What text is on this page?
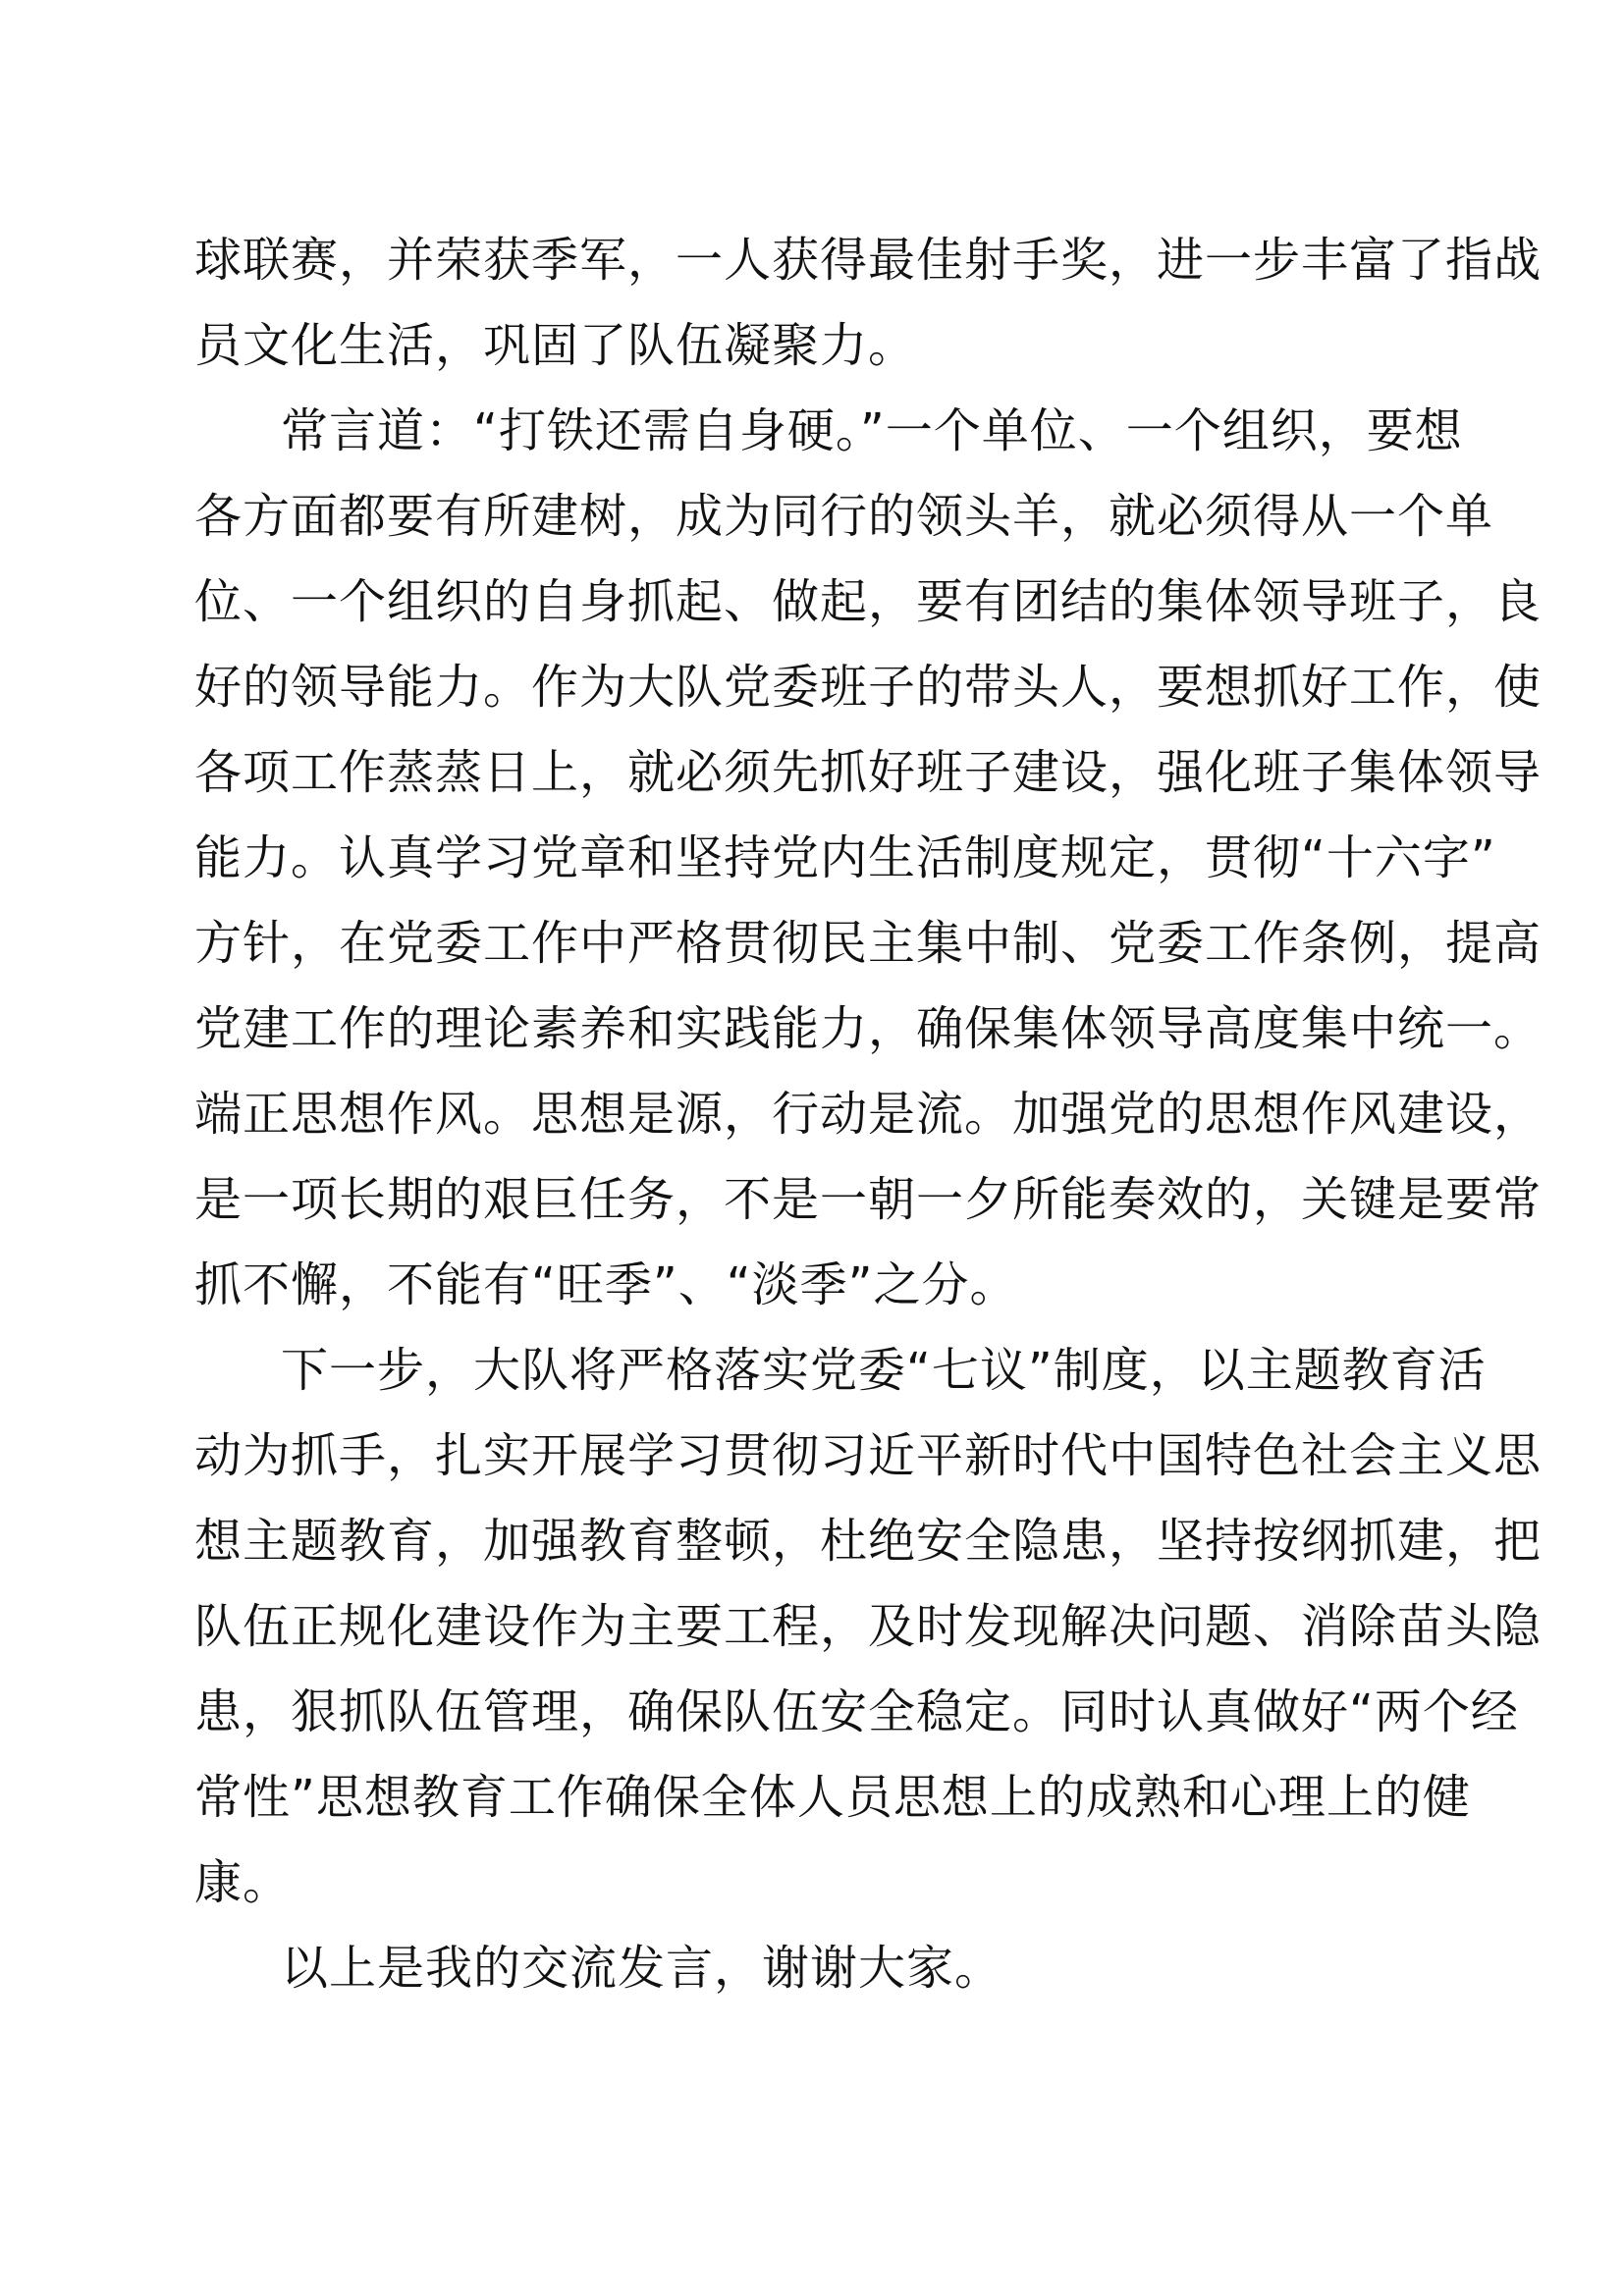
球联赛，并荣获季军，一人获得最佳射手奖，进一步丰富了指战
员文化生活，巩固了队伍凝聚力。
常言道：“打铁还需自身硬。”一个单位、一个组织，要想
各方面都要有所建树，成为同行的领头羊，就必须得从一个单
位、一个组织的自身抓起、做起，要有团结的集体领导班子，良
好的领导能力。作为大队党委班子的带头人，要想抓好工作，使
各项工作蒸蒸日上，就必须先抓好班子建设，强化班子集体领导
能力。认真学习党章和坚持党内生活制度规定，贯彻“十六字”
方针，在党委工作中严格贯彻民主集中制、党委工作条例，提高
党建工作的理论素养和实践能力，确保集体领导高度集中统一。
端正思想作风。思想是源，行动是流。加强党的思想作风建设，
是一项长期的艰巨任务，不是一朝一夕所能奏效的，关键是要常
抓不懈，不能有“旺季”、“淡季”之分。
下一步，大队将严格落实党委“七议”制度，以主题教育活
动为抓手，扎实开展学习贯彻习近平新时代中国特色社会主义思
想主题教育，加强教育整顿，杜绝安全隐患，坚持按纲抓建，把
队伍正规化建设作为主要工程，及时发现解决问题、消除苗头隐
患，狠抓队伍管理，确保队伍安全稳定。同时认真做好“两个经
常性”思想教育工作确保全体人员思想上的成熟和心理上的健
康。
以上是我的交流发言，谢谢大家。
